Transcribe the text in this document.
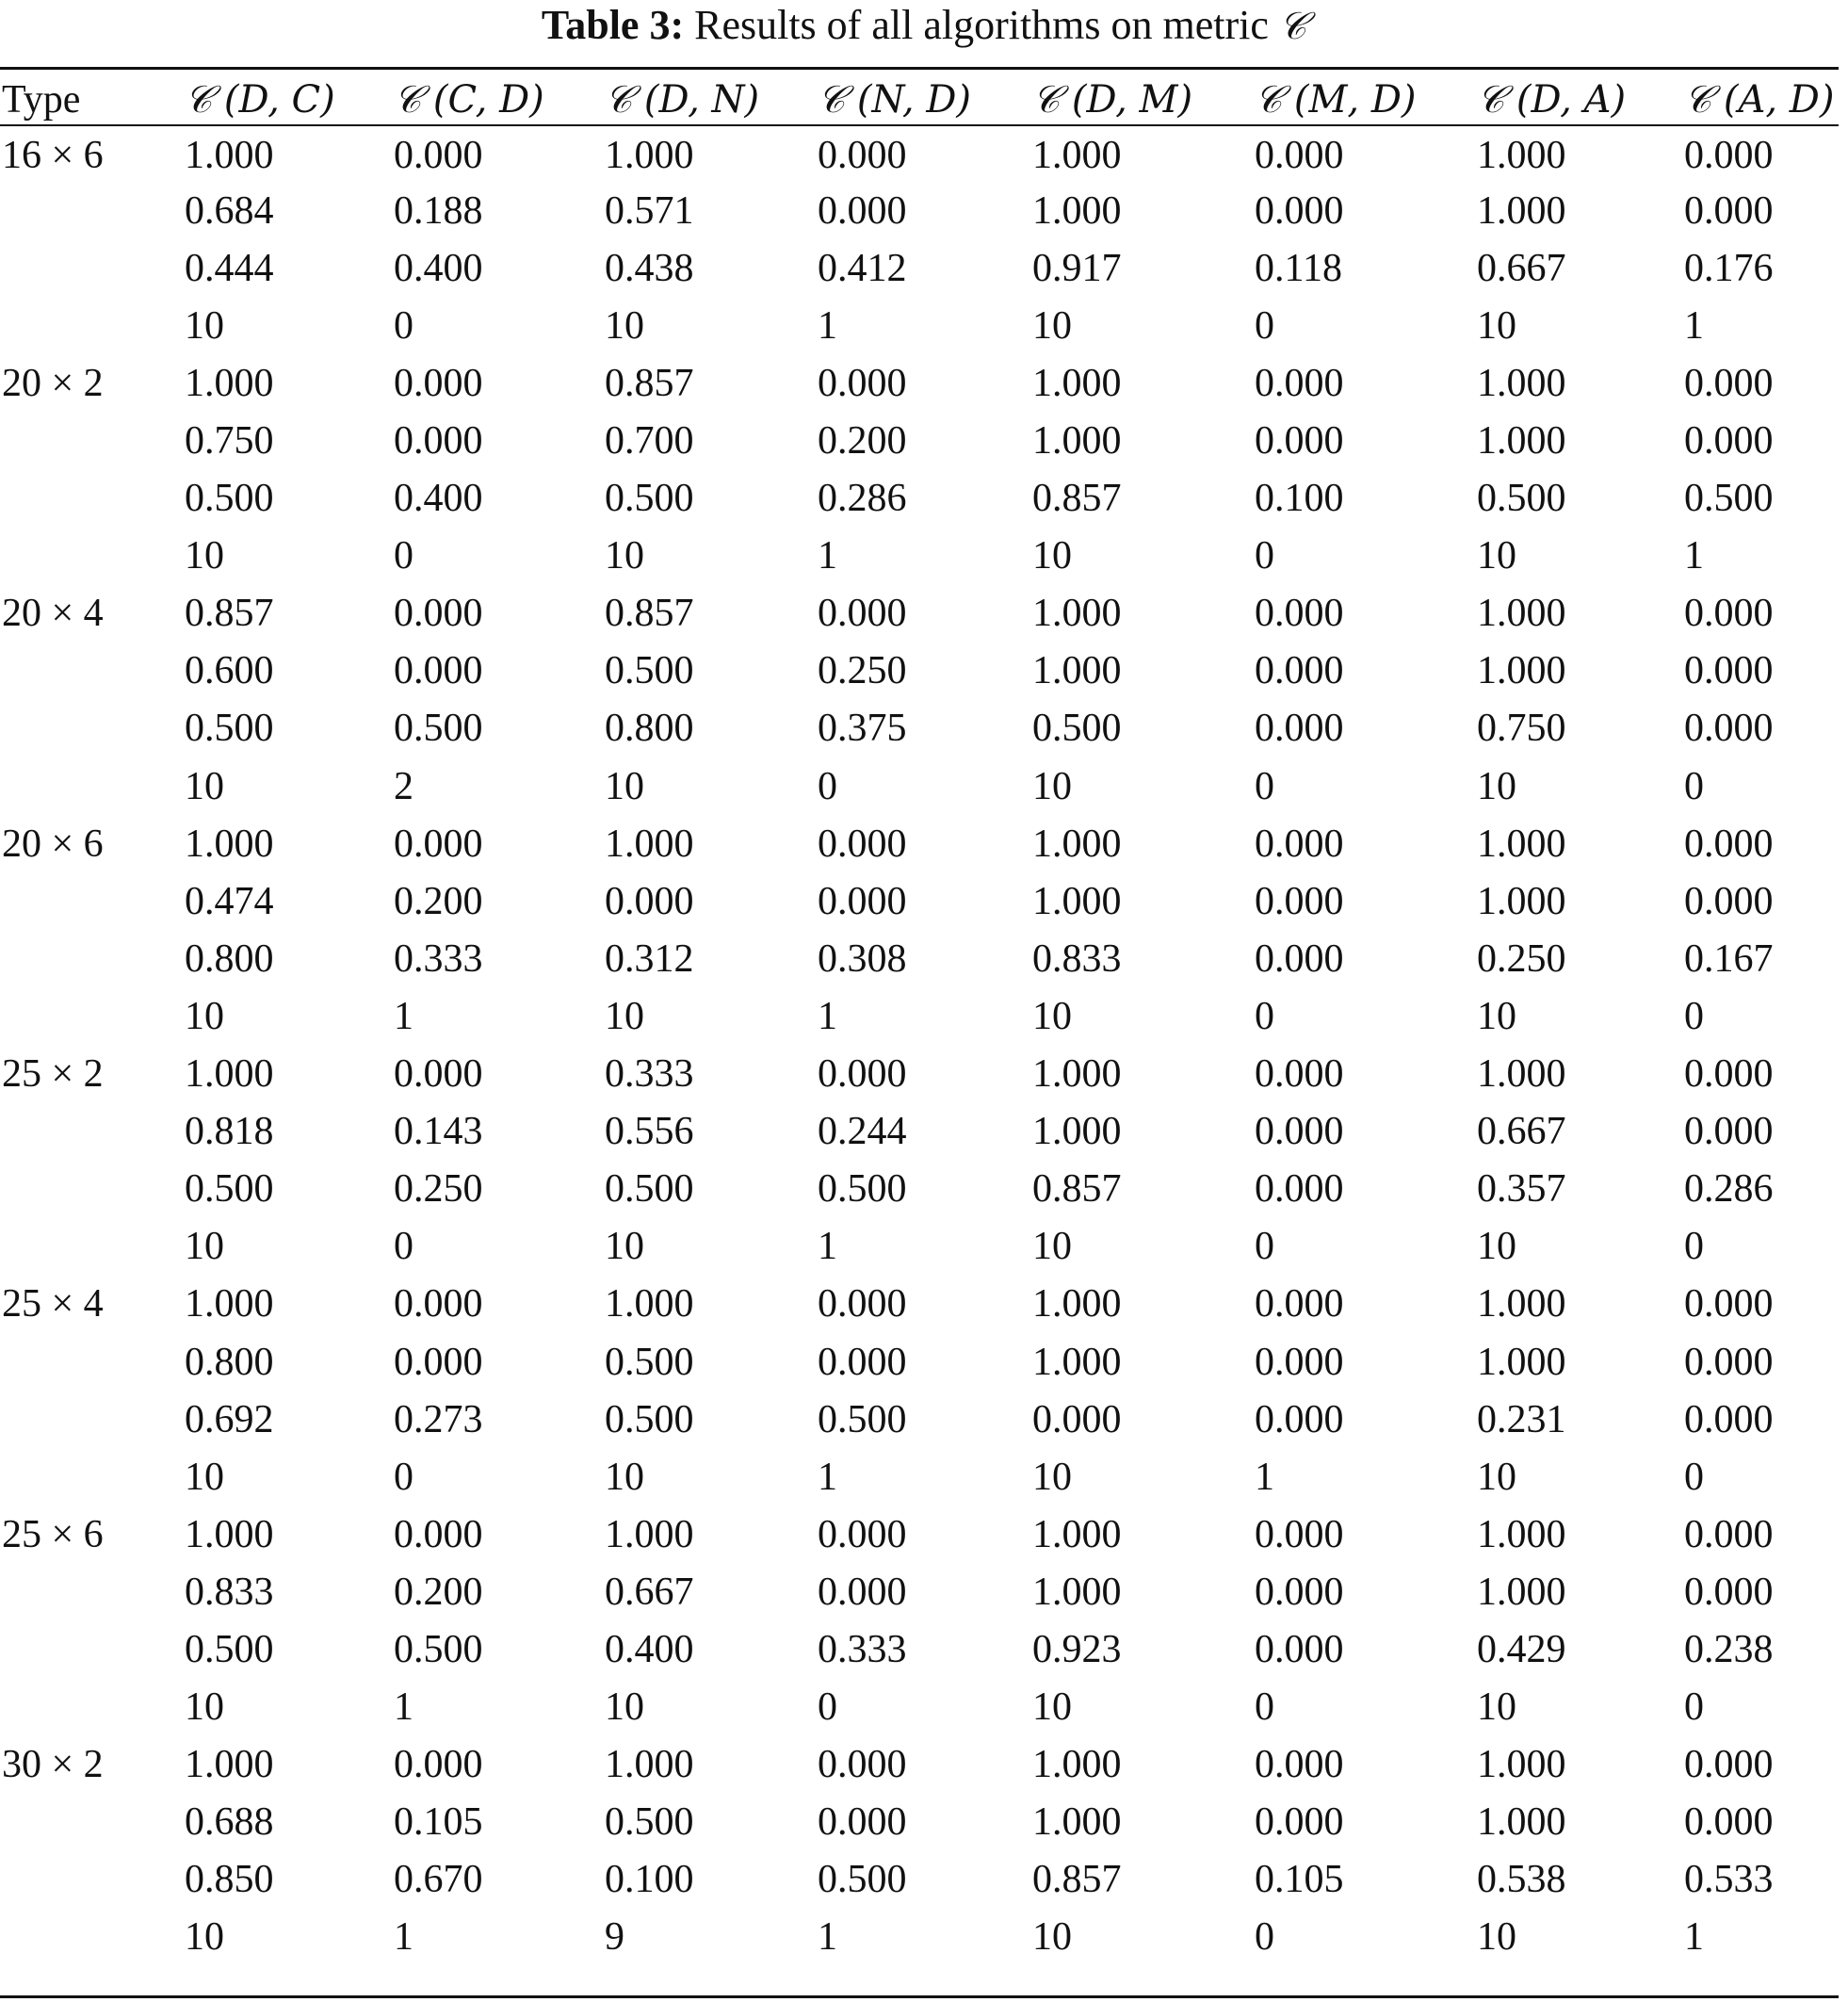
Table 3: Results of all algorithms on metric 𝒞
Type	𝒞 (D, C)	𝒞 (C, D)	𝒞 (D, N)	𝒞 (N, D)	𝒞 (D, M)	𝒞 (M, D)	𝒞 (D, A)	𝒞 (A, D)
16 × 6	1.000	0.000	1.000	0.000	1.000	0.000	1.000	0.000
	0.684	0.188	0.571	0.000	1.000	0.000	1.000	0.000
	0.444	0.400	0.438	0.412	0.917	0.118	0.667	0.176
	10	0	10	1	10	0	10	1
20 × 2	1.000	0.000	0.857	0.000	1.000	0.000	1.000	0.000
	0.750	0.000	0.700	0.200	1.000	0.000	1.000	0.000
	0.500	0.400	0.500	0.286	0.857	0.100	0.500	0.500
	10	0	10	1	10	0	10	1
20 × 4	0.857	0.000	0.857	0.000	1.000	0.000	1.000	0.000
	0.600	0.000	0.500	0.250	1.000	0.000	1.000	0.000
	0.500	0.500	0.800	0.375	0.500	0.000	0.750	0.000
	10	2	10	0	10	0	10	0
20 × 6	1.000	0.000	1.000	0.000	1.000	0.000	1.000	0.000
	0.474	0.200	0.000	0.000	1.000	0.000	1.000	0.000
	0.800	0.333	0.312	0.308	0.833	0.000	0.250	0.167
	10	1	10	1	10	0	10	0
25 × 2	1.000	0.000	0.333	0.000	1.000	0.000	1.000	0.000
	0.818	0.143	0.556	0.244	1.000	0.000	0.667	0.000
	0.500	0.250	0.500	0.500	0.857	0.000	0.357	0.286
	10	0	10	1	10	0	10	0
25 × 4	1.000	0.000	1.000	0.000	1.000	0.000	1.000	0.000
	0.800	0.000	0.500	0.000	1.000	0.000	1.000	0.000
	0.692	0.273	0.500	0.500	0.000	0.000	0.231	0.000
	10	0	10	1	10	1	10	0
25 × 6	1.000	0.000	1.000	0.000	1.000	0.000	1.000	0.000
	0.833	0.200	0.667	0.000	1.000	0.000	1.000	0.000
	0.500	0.500	0.400	0.333	0.923	0.000	0.429	0.238
	10	1	10	0	10	0	10	0
30 × 2	1.000	0.000	1.000	0.000	1.000	0.000	1.000	0.000
	0.688	0.105	0.500	0.000	1.000	0.000	1.000	0.000
	0.850	0.670	0.100	0.500	0.857	0.105	0.538	0.533
	10	1	9	1	10	0	10	1
